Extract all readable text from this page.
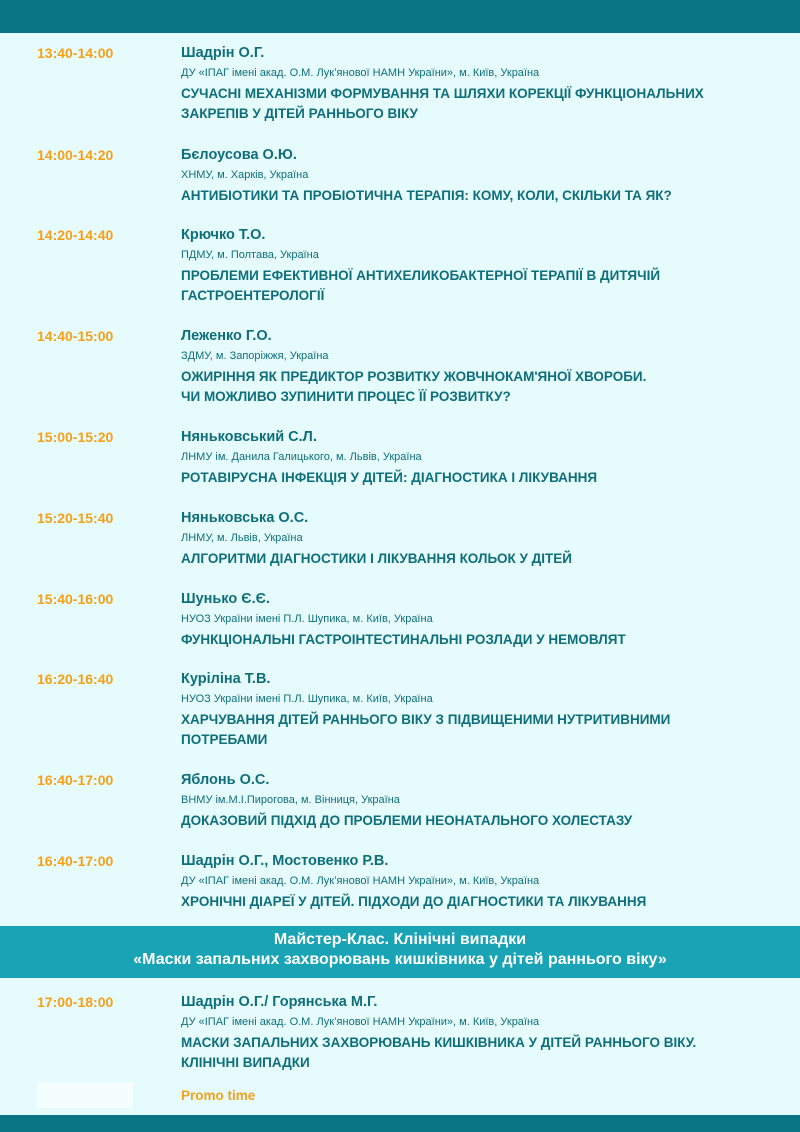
Майстер-Клас. Клінічні випадки
«Маски запальних захворювань кишківника у дітей раннього віку»
13:40-14:00	Шадрін О.Г.
ДУ «ІПАГ імені акад. О.М. Лук’янової НАМН України», м. Київ, Україна
СУЧАСНІ МЕХАНІЗМИ ФОРМУВАННЯ ТА ШЛЯХИ КОРЕКЦІЇ ФУНКЦІОНАЛЬНИХ
ЗАКРЕПІВ У ДІТЕЙ РАННЬОГО ВІКУ
14:00-14:20	Бєлоусова О.Ю.
ХНМУ, м. Харків, Україна
АНТИБІОТИКИ ТА ПРОБІОТИЧНА ТЕРАПІЯ: КОМУ, КОЛИ, СКІЛЬКИ ТА ЯК?
14:20-14:40	Крючко Т.О.
ПДМУ, м. Полтава, Україна
ПРОБЛЕМИ ЕФЕКТИВНОЇ АНТИХЕЛИКОБАКТЕРНОЇ ТЕРАПІЇ В ДИТЯЧІЙ
ГАСТРОЕНТЕРОЛОГІЇ
14:40-15:00	Леженко Г.О.
ЗДМУ, м. Запоріжжя, Україна
ОЖИРІННЯ ЯК ПРЕДИКТОР РОЗВИТКУ ЖОВЧНОКАМ'ЯНОЇ ХВОРОБИ.
ЧИ МОЖЛИВО ЗУПИНИТИ ПРОЦЕС ЇЇ РОЗВИТКУ?
15:00-15:20	Няньковський С.Л.
ЛНМУ ім. Данила Галицького, м. Львів, Україна
РОТАВІРУСНА ІНФЕКЦІЯ У ДІТЕЙ: ДІАГНОСТИКА І ЛІКУВАННЯ
15:20-15:40	Няньковська О.С.
ЛНМУ, м. Львів, Україна
АЛГОРИТМИ ДІАГНОСТИКИ І ЛІКУВАННЯ КОЛЬОК У ДІТЕЙ
15:40-16:00	Шунько Є.Є.
НУОЗ України імені П.Л. Шупика, м. Київ, Україна
ФУНКЦІОНАЛЬНІ ГАСТРОІНТЕСТИНАЛЬНІ РОЗЛАДИ У НЕМОВЛЯТ
16:20-16:40	Куріліна Т.В.
НУОЗ України імені П.Л. Шупика, м. Київ, Україна
ХАРЧУВАННЯ ДІТЕЙ РАННЬОГО ВІКУ З ПІДВИЩЕНИМИ НУТРИТИВНИМИ
ПОТРЕБАМИ
16:40-17:00	Яблонь О.С.
ВНМУ ім.М.І.Пирогова, м. Вінниця, Україна
ДОКАЗОВИЙ ПІДХІД ДО ПРОБЛЕМИ НЕОНАТАЛЬНОГО ХОЛЕСТАЗУ
16:40-17:00	Шадрін О.Г., Мостовенко Р.В.
ДУ «ІПАГ імені акад. О.М. Лук’янової НАМН України», м. Київ, Україна
ХРОНІЧНІ ДІАРЕЇ У ДІТЕЙ. ПІДХОДИ ДО ДІАГНОСТИКИ ТА ЛІКУВАННЯ
17:00-18:00	Шадрін О.Г./ Горянська М.Г.
ДУ «ІПАГ імені акад. О.М. Лук’янової НАМН України», м. Київ, Україна
МАСКИ ЗАПАЛЬНИХ ЗАХВОРЮВАНЬ КИШКІВНИКА У ДІТЕЙ РАННЬОГО ВІКУ.
КЛІНІЧНІ ВИПАДКИ
Promo time
